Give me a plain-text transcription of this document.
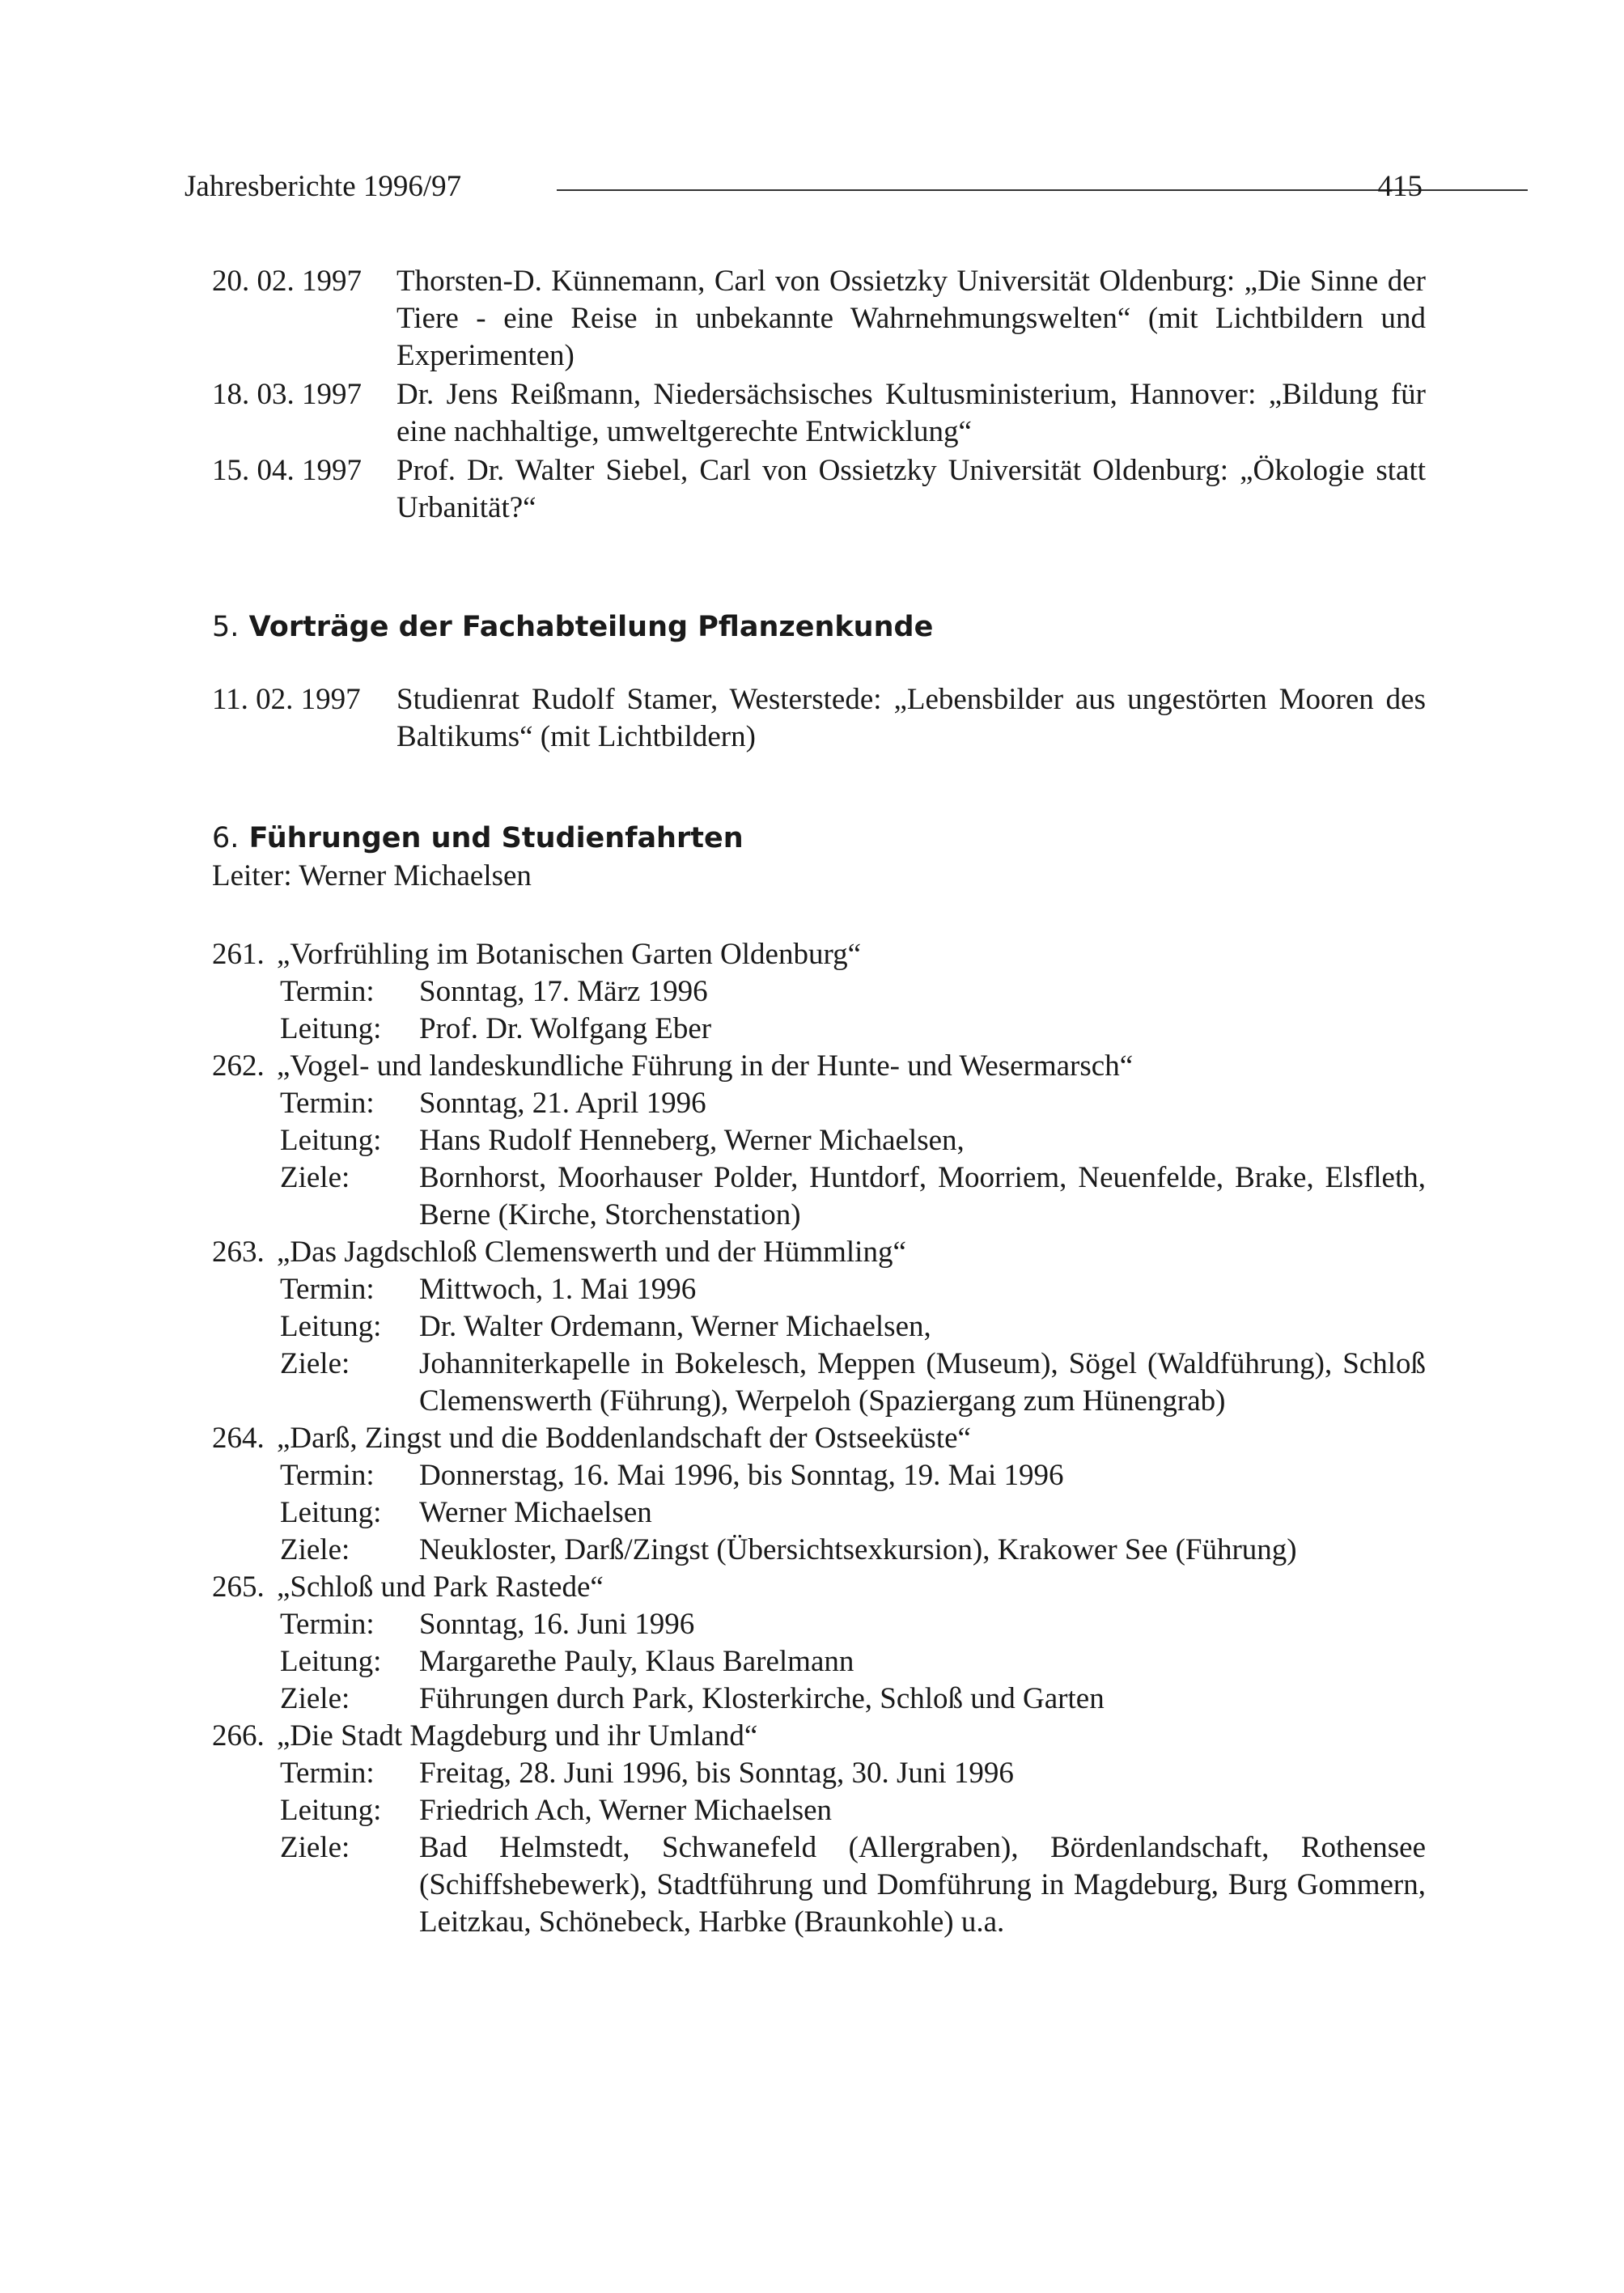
Jahresberichte 1996/97	415
20. 02. 1997	Thorsten-D. Künnemann, Carl von Ossietzky Universität Oldenburg: „Die Sinne der Tiere - eine Reise in unbekannte Wahrnehmungswelten“ (mit Lichtbildern und Experimenten)
18. 03. 1997	Dr. Jens Reißmann, Niedersächsisches Kultusministerium, Hannover: „Bildung für eine nachhaltige, umweltgerechte Entwicklung“
15. 04. 1997	Prof. Dr. Walter Siebel, Carl von Ossietzky Universität Oldenburg: „Ökologie statt Urbanität?“
5. Vorträge der Fachabteilung Pflanzenkunde
11. 02. 1997	Studienrat Rudolf Stamer, Westerstede: „Lebensbilder aus ungestörten Mooren des Baltikums“ (mit Lichtbildern)
6. Führungen und Studienfahrten
Leiter: Werner Michaelsen
261. „Vorfrühling im Botanischen Garten Oldenburg“
Termin:	Sonntag, 17. März 1996
Leitung:	Prof. Dr. Wolfgang Eber
262. „Vogel- und landeskundliche Führung in der Hunte- und Wesermarsch“
Termin:	Sonntag, 21. April 1996
Leitung:	Hans Rudolf Henneberg, Werner Michaelsen,
Ziele:	Bornhorst, Moorhauser Polder, Huntdorf, Moorriem, Neuenfelde, Brake, Elsfleth, Berne (Kirche, Storchenstation)
263. „Das Jagdschloß Clemenswerth und der Hümmling“
Termin:	Mittwoch, 1. Mai 1996
Leitung:	Dr. Walter Ordemann, Werner Michaelsen,
Ziele:	Johanniterkapelle in Bokelesch, Meppen (Museum), Sögel (Waldführung), Schloß Clemenswerth (Führung), Werpeloh (Spaziergang zum Hünengrab)
264. „Darß, Zingst und die Boddenlandschaft der Ostseeküste“
Termin:	Donnerstag, 16. Mai 1996, bis Sonntag, 19. Mai 1996
Leitung:	Werner Michaelsen
Ziele:	Neukloster, Darß/Zingst (Übersichtsexkursion), Krakower See (Führung)
265. „Schloß und Park Rastede“
Termin:	Sonntag, 16. Juni 1996
Leitung:	Margarethe Pauly, Klaus Barelmann
Ziele:	Führungen durch Park, Klosterkirche, Schloß und Garten
266. „Die Stadt Magdeburg und ihr Umland“
Termin:	Freitag, 28. Juni 1996, bis Sonntag, 30. Juni 1996
Leitung:	Friedrich Ach, Werner Michaelsen
Ziele:	Bad Helmstedt, Schwanefeld (Allergraben), Bördenlandschaft, Rothensee (Schiffshebewerk), Stadtführung und Domführung in Magdeburg, Burg Gommern, Leitzkau, Schönebeck, Harbke (Braunkohle) u.a.
